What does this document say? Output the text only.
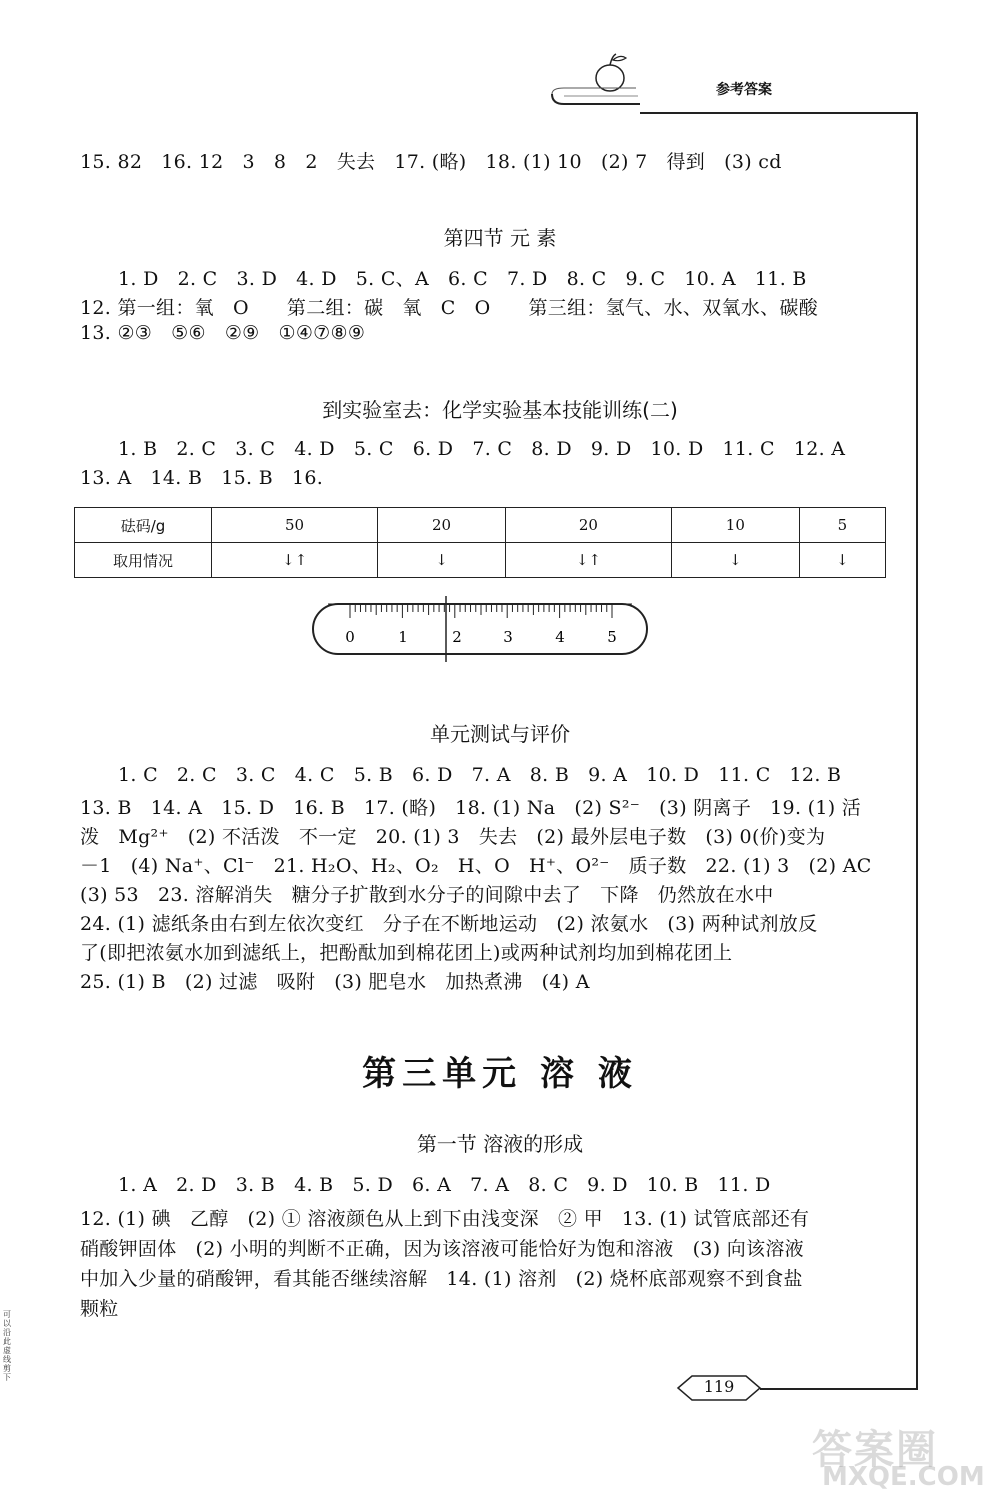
参考答案
15. 82   16. 12   3   8   2   失去   17. (略)   18. (1) 10   (2) 7   得到   (3) cd
第四节 元 素
1. D   2. C   3. D   4. D   5. C、A   6. C   7. D   8. C   9. C   10. A   11. B
12. 第一组：氧   O      第二组：碳   氧   C   O      第三组：氢气、水、双氧水、碳酸
13. ②③   ⑤⑥   ②⑨   ①④⑦⑧⑨
到实验室去：化学实验基本技能训练(二)
1. B   2. C   3. C   4. D   5. C   6. D   7. C   8. D   9. D   10. D   11. C   12. A
13. A   14. B   15. B   16.
砝码/g	50	20	20	10	5
取用情况	↓↑	↓	↓↑	↓	↓
0	1	2	3	4	5
单元测试与评价
1. C   2. C   3. C   4. C   5. B   6. D   7. A   8. B   9. A   10. D   11. C   12. B
13. B   14. A   15. D   16. B   17. (略)   18. (1) Na   (2) S²⁻   (3) 阴离子   19. (1) 活
泼   Mg²⁺   (2) 不活泼   不一定   20. (1) 3   失去   (2) 最外层电子数   (3) 0(价)变为
－1   (4) Na⁺、Cl⁻   21. H₂O、H₂、O₂   H、O   H⁺、O²⁻   质子数   22. (1) 3   (2) AC
(3) 53   23. 溶解消失   糖分子扩散到水分子的间隙中去了   下降   仍然放在水中
24. (1) 滤纸条由右到左依次变红   分子在不断地运动   (2) 浓氨水   (3) 两种试剂放反
了(即把浓氨水加到滤纸上，把酚酞加到棉花团上)或两种试剂均加到棉花团上
25. (1) B   (2) 过滤   吸附   (3) 肥皂水   加热煮沸   (4) A
第三单元 溶 液
第一节 溶液的形成
1. A   2. D   3. B   4. B   5. D   6. A   7. A   8. C   9. D   10. B   11. D
12. (1) 碘   乙醇   (2) ① 溶液颜色从上到下由浅变深   ② 甲   13. (1) 试管底部还有
硝酸钾固体   (2) 小明的判断不正确，因为该溶液可能恰好为饱和溶液   (3) 向该溶液
中加入少量的硝酸钾，看其能否继续溶解   14. (1) 溶剂   (2) 烧杯底部观察不到食盐
颗粒
119
可以沿此虚线剪下
答案圈
MXQE.COM
